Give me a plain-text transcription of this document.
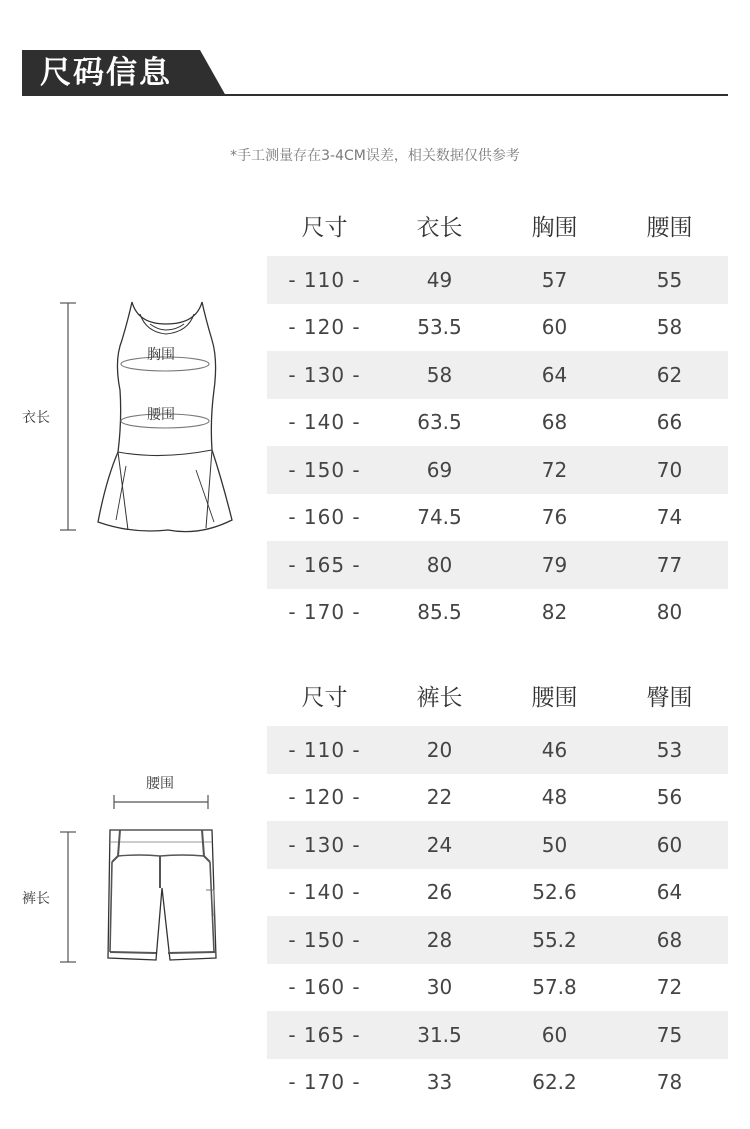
尺码信息
*手工测量存在3-4CM误差，相关数据仅供参考
衣长
胸围
腰围
尺寸	衣长	胸围	腰围
- 110 -	49	57	55
- 120 -	53.5	60	58
- 130 -	58	64	62
- 140 -	63.5	68	66
- 150 -	69	72	70
- 160 -	74.5	76	74
- 165 -	80	79	77
- 170 -	85.5	82	80
腰围
裤长
尺寸	裤长	腰围	臀围
- 110 -	20	46	53
- 120 -	22	48	56
- 130 -	24	50	60
- 140 -	26	52.6	64
- 150 -	28	55.2	68
- 160 -	30	57.8	72
- 165 -	31.5	60	75
- 170 -	33	62.2	78
